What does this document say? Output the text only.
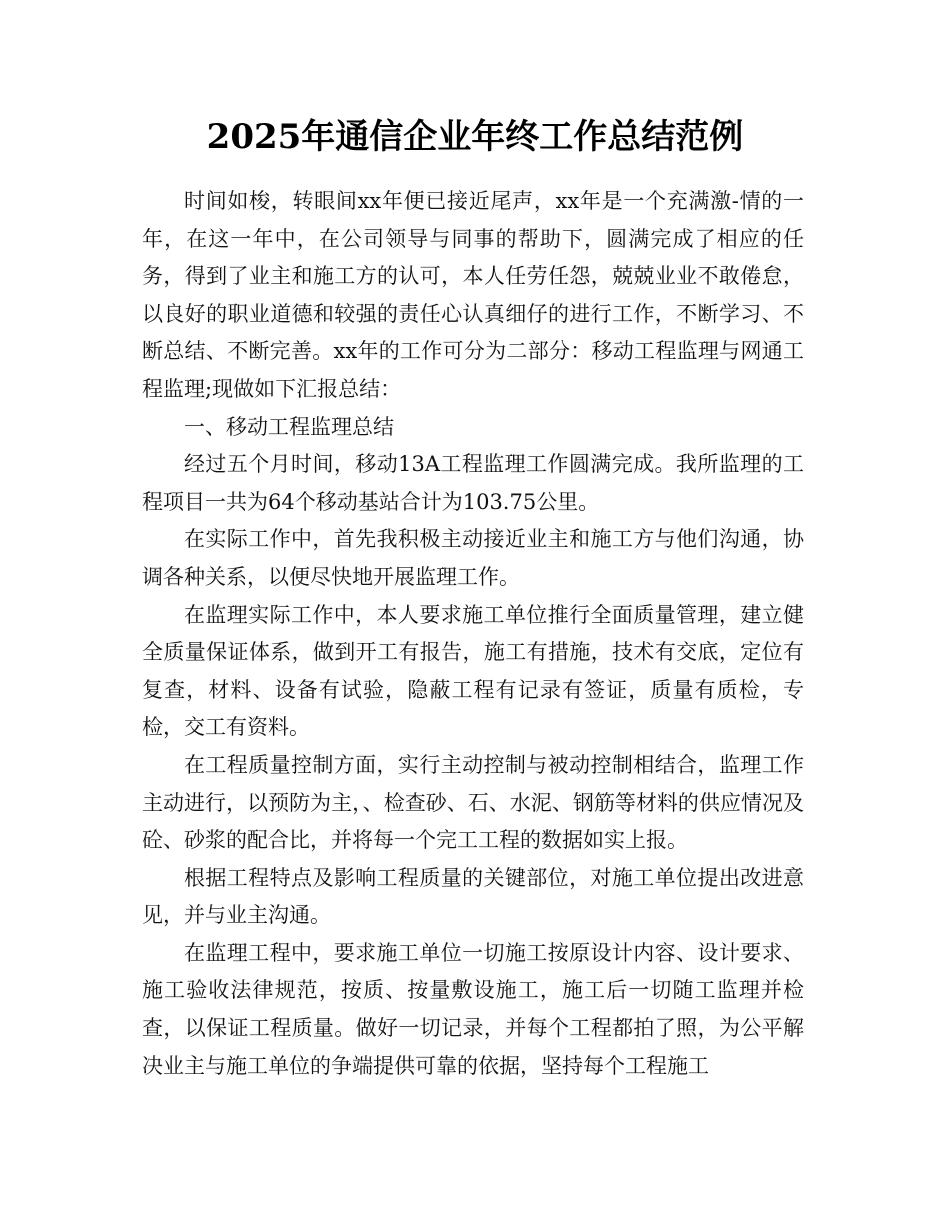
2025年通信企业年终工作总结范例

时间如梭，转眼间xx年便已接近尾声，xx年是一个充满激-情的一年，在这一年中，在公司领导与同事的帮助下，圆满完成了相应的任务，得到了业主和施工方的认可，本人任劳任怨，兢兢业业不敢倦怠，以良好的职业道德和较强的责任心认真细仔的进行工作，不断学习、不断总结、不断完善。xx年的工作可分为二部分：移动工程监理与网通工程监理;现做如下汇报总结：

一、移动工程监理总结

经过五个月时间，移动13A工程监理工作圆满完成。我所监理的工程项目一共为64个移动基站合计为103.75公里。

在实际工作中，首先我积极主动接近业主和施工方与他们沟通，协调各种关系，以便尽快地开展监理工作。

在监理实际工作中，本人要求施工单位推行全面质量管理，建立健全质量保证体系，做到开工有报告，施工有措施，技术有交底，定位有复查，材料、设备有试验，隐蔽工程有记录有签证，质量有质检，专检，交工有资料。

在工程质量控制方面，实行主动控制与被动控制相结合，监理工作主动进行，以预防为主，、检查砂、石、水泥、钢筋等材料的供应情况及砼、砂浆的配合比，并将每一个完工工程的数据如实上报。

根据工程特点及影响工程质量的关键部位，对施工单位提出改进意见，并与业主沟通。

在监理工程中，要求施工单位一切施工按原设计内容、设计要求、施工验收法律规范，按质、按量敷设施工，施工后一切随工监理并检查，以保证工程质量。做好一切记录，并每个工程都拍了照，为公平解决业主与施工单位的争端提供可靠的依据，坚持每个工程施工
